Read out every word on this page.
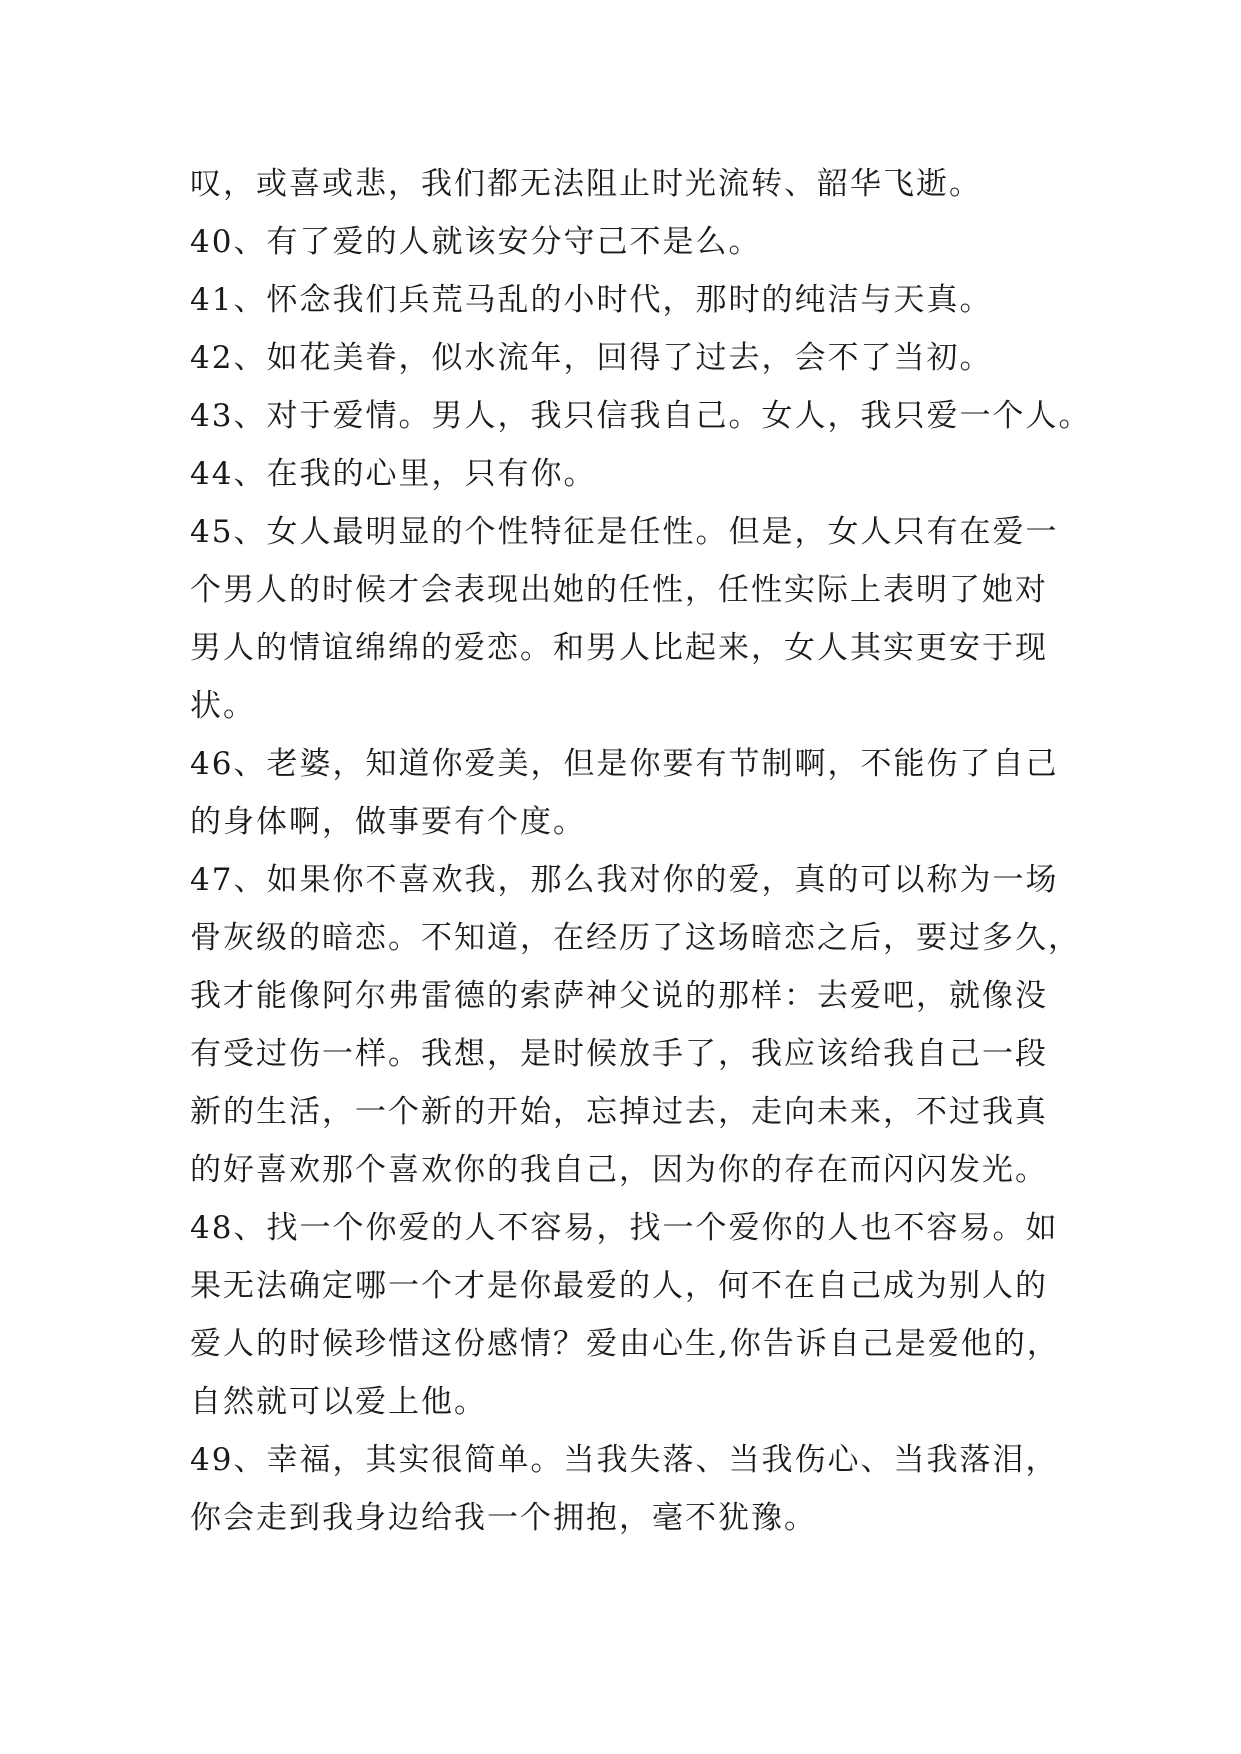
叹，或喜或悲，我们都无法阻止时光流转、韶华飞逝。
40、有了爱的人就该安分守己不是么。
41、怀念我们兵荒马乱的小时代，那时的纯洁与天真。
42、如花美眷，似水流年，回得了过去，会不了当初。
43、对于爱情。男人，我只信我自己。女人，我只爱一个人。
44、在我的心里，只有你。
45、女人最明显的个性特征是任性。但是，女人只有在爱一
个男人的时候才会表现出她的任性，任性实际上表明了她对
男人的情谊绵绵的爱恋。和男人比起来，女人其实更安于现
状。
46、老婆，知道你爱美，但是你要有节制啊，不能伤了自己
的身体啊，做事要有个度。
47、如果你不喜欢我，那么我对你的爱，真的可以称为一场
骨灰级的暗恋。不知道，在经历了这场暗恋之后，要过多久，
我才能像阿尔弗雷德的索萨神父说的那样：去爱吧，就像没
有受过伤一样。我想，是时候放手了，我应该给我自己一段
新的生活，一个新的开始，忘掉过去，走向未来，不过我真
的好喜欢那个喜欢你的我自己，因为你的存在而闪闪发光。
48、找一个你爱的人不容易，找一个爱你的人也不容易。如
果无法确定哪一个才是你最爱的人，何不在自己成为别人的
爱人的时候珍惜这份感情？爱由心生,你告诉自己是爱他的，
自然就可以爱上他。
49、幸福，其实很简单。当我失落、当我伤心、当我落泪，
你会走到我身边给我一个拥抱，毫不犹豫。
